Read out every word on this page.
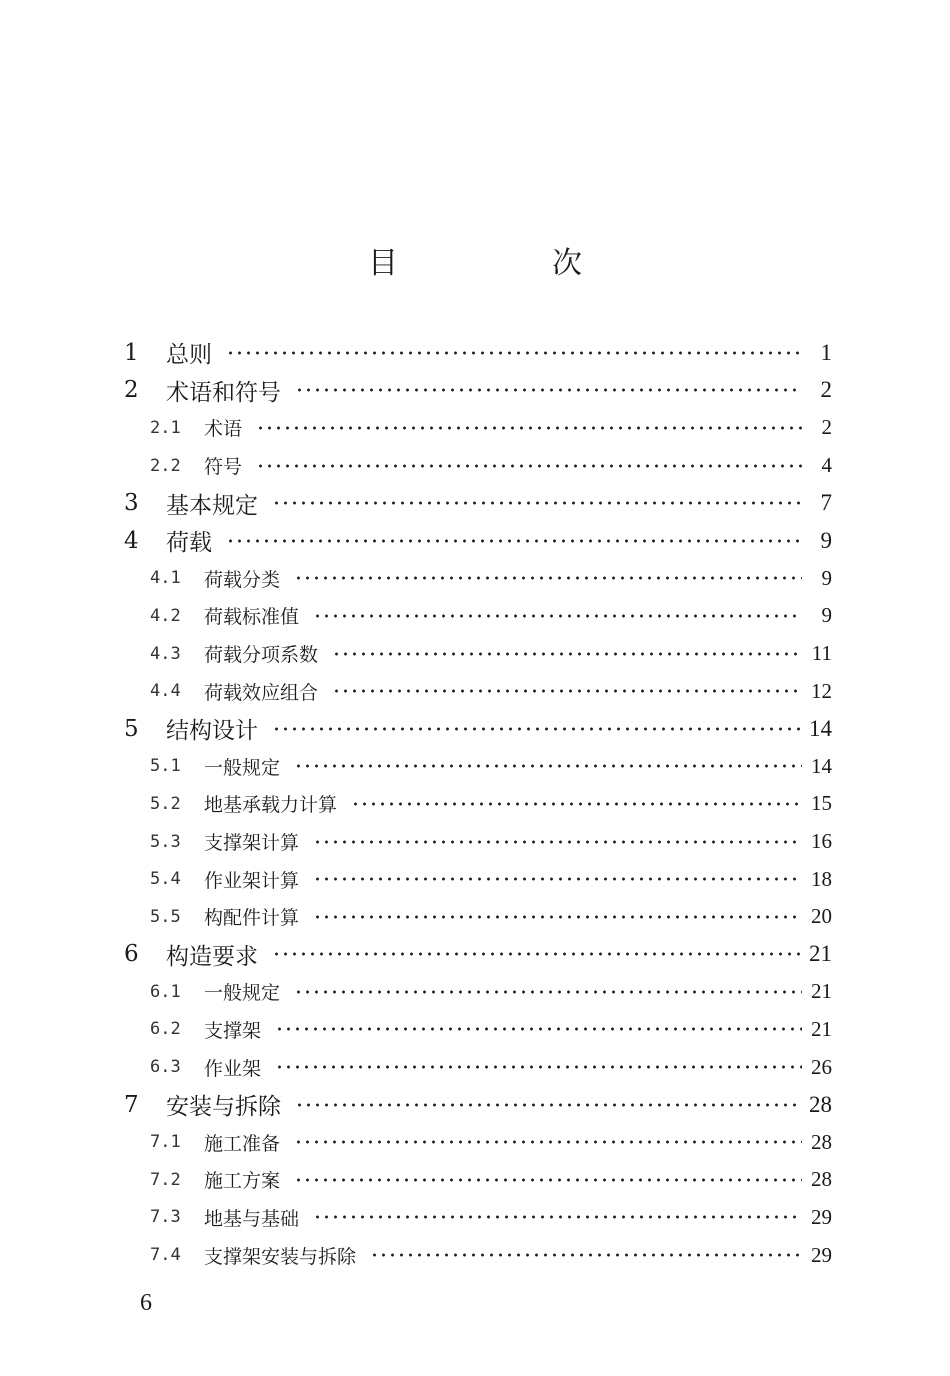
目　次
1	总则	1
2	术语和符号	2
2.1	术语	2
2.2	符号	4
3	基本规定	7
4	荷载	9
4.1	荷载分类	9
4.2	荷载标准值	9
4.3	荷载分项系数	11
4.4	荷载效应组合	12
5	结构设计	14
5.1	一般规定	14
5.2	地基承载力计算	15
5.3	支撑架计算	16
5.4	作业架计算	18
5.5	构配件计算	20
6	构造要求	21
6.1	一般规定	21
6.2	支撑架	21
6.3	作业架	26
7	安装与拆除	28
7.1	施工准备	28
7.2	施工方案	28
7.3	地基与基础	29
7.4	支撑架安装与拆除	29
6
